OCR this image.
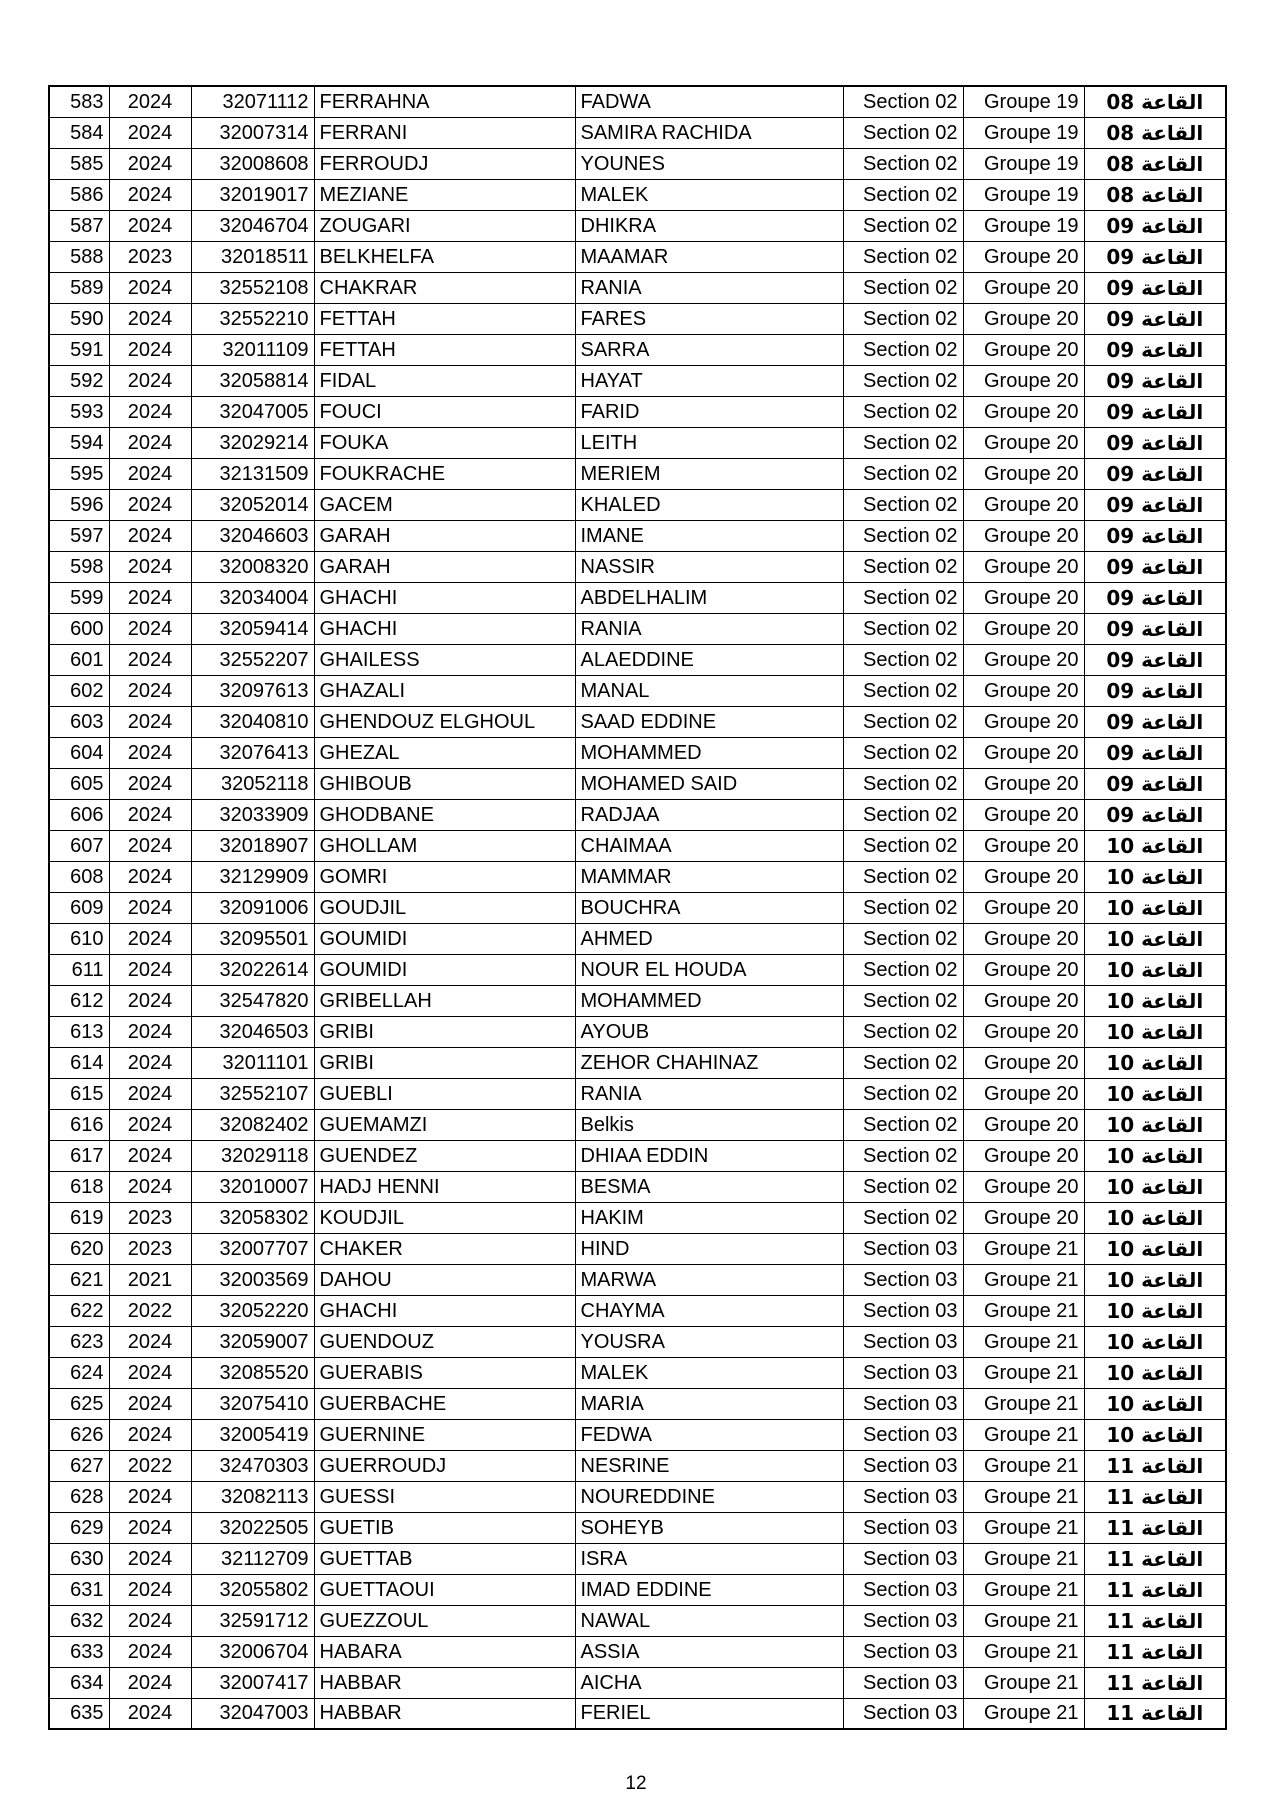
583	2024	32071112	FERRAHNA	FADWA	Section 02	Groupe 19	القاعة 08
584	2024	32007314	FERRANI	SAMIRA RACHIDA	Section 02	Groupe 19	القاعة 08
585	2024	32008608	FERROUDJ	YOUNES	Section 02	Groupe 19	القاعة 08
586	2024	32019017	MEZIANE	MALEK	Section 02	Groupe 19	القاعة 08
587	2024	32046704	ZOUGARI	DHIKRA	Section 02	Groupe 19	القاعة 09
588	2023	32018511	BELKHELFA	MAAMAR	Section 02	Groupe 20	القاعة 09
589	2024	32552108	CHAKRAR	RANIA	Section 02	Groupe 20	القاعة 09
590	2024	32552210	FETTAH	FARES	Section 02	Groupe 20	القاعة 09
591	2024	32011109	FETTAH	SARRA	Section 02	Groupe 20	القاعة 09
592	2024	32058814	FIDAL	HAYAT	Section 02	Groupe 20	القاعة 09
593	2024	32047005	FOUCI	FARID	Section 02	Groupe 20	القاعة 09
594	2024	32029214	FOUKA	LEITH	Section 02	Groupe 20	القاعة 09
595	2024	32131509	FOUKRACHE	MERIEM	Section 02	Groupe 20	القاعة 09
596	2024	32052014	GACEM	KHALED	Section 02	Groupe 20	القاعة 09
597	2024	32046603	GARAH	IMANE	Section 02	Groupe 20	القاعة 09
598	2024	32008320	GARAH	NASSIR	Section 02	Groupe 20	القاعة 09
599	2024	32034004	GHACHI	ABDELHALIM	Section 02	Groupe 20	القاعة 09
600	2024	32059414	GHACHI	RANIA	Section 02	Groupe 20	القاعة 09
601	2024	32552207	GHAILESS	ALAEDDINE	Section 02	Groupe 20	القاعة 09
602	2024	32097613	GHAZALI	MANAL	Section 02	Groupe 20	القاعة 09
603	2024	32040810	GHENDOUZ ELGHOUL	SAAD EDDINE	Section 02	Groupe 20	القاعة 09
604	2024	32076413	GHEZAL	MOHAMMED	Section 02	Groupe 20	القاعة 09
605	2024	32052118	GHIBOUB	MOHAMED SAID	Section 02	Groupe 20	القاعة 09
606	2024	32033909	GHODBANE	RADJAA	Section 02	Groupe 20	القاعة 09
607	2024	32018907	GHOLLAM	CHAIMAA	Section 02	Groupe 20	القاعة 10
608	2024	32129909	GOMRI	MAMMAR	Section 02	Groupe 20	القاعة 10
609	2024	32091006	GOUDJIL	BOUCHRA	Section 02	Groupe 20	القاعة 10
610	2024	32095501	GOUMIDI	AHMED	Section 02	Groupe 20	القاعة 10
611	2024	32022614	GOUMIDI	NOUR EL HOUDA	Section 02	Groupe 20	القاعة 10
612	2024	32547820	GRIBELLAH	MOHAMMED	Section 02	Groupe 20	القاعة 10
613	2024	32046503	GRIBI	AYOUB	Section 02	Groupe 20	القاعة 10
614	2024	32011101	GRIBI	ZEHOR CHAHINAZ	Section 02	Groupe 20	القاعة 10
615	2024	32552107	GUEBLI	RANIA	Section 02	Groupe 20	القاعة 10
616	2024	32082402	GUEMAMZI	Belkis	Section 02	Groupe 20	القاعة 10
617	2024	32029118	GUENDEZ	DHIAA EDDIN	Section 02	Groupe 20	القاعة 10
618	2024	32010007	HADJ HENNI	BESMA	Section 02	Groupe 20	القاعة 10
619	2023	32058302	KOUDJIL	HAKIM	Section 02	Groupe 20	القاعة 10
620	2023	32007707	CHAKER	HIND	Section 03	Groupe 21	القاعة 10
621	2021	32003569	DAHOU	MARWA	Section 03	Groupe 21	القاعة 10
622	2022	32052220	GHACHI	CHAYMA	Section 03	Groupe 21	القاعة 10
623	2024	32059007	GUENDOUZ	YOUSRA	Section 03	Groupe 21	القاعة 10
624	2024	32085520	GUERABIS	MALEK	Section 03	Groupe 21	القاعة 10
625	2024	32075410	GUERBACHE	MARIA	Section 03	Groupe 21	القاعة 10
626	2024	32005419	GUERNINE	FEDWA	Section 03	Groupe 21	القاعة 10
627	2022	32470303	GUERROUDJ	NESRINE	Section 03	Groupe 21	القاعة 11
628	2024	32082113	GUESSI	NOUREDDINE	Section 03	Groupe 21	القاعة 11
629	2024	32022505	GUETIB	SOHEYB	Section 03	Groupe 21	القاعة 11
630	2024	32112709	GUETTAB	ISRA	Section 03	Groupe 21	القاعة 11
631	2024	32055802	GUETTAOUI	IMAD EDDINE	Section 03	Groupe 21	القاعة 11
632	2024	32591712	GUEZZOUL	NAWAL	Section 03	Groupe 21	القاعة 11
633	2024	32006704	HABARA	ASSIA	Section 03	Groupe 21	القاعة 11
634	2024	32007417	HABBAR	AICHA	Section 03	Groupe 21	القاعة 11
635	2024	32047003	HABBAR	FERIEL	Section 03	Groupe 21	القاعة 11
12
